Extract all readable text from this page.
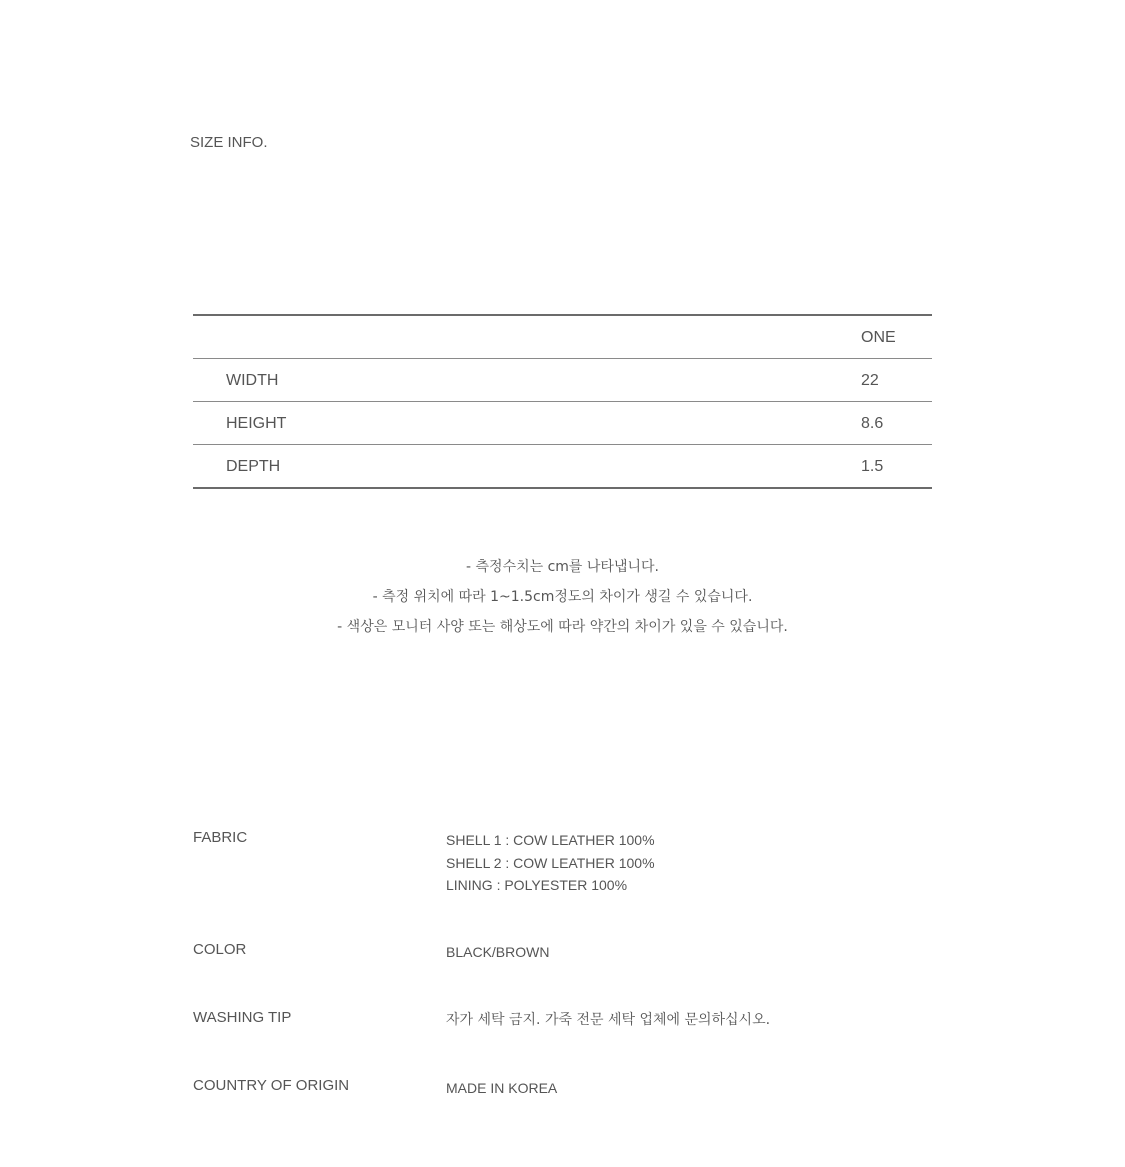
SIZE INFO.
ONE
WIDTH	22
HEIGHT	8.6
DEPTH	1.5
- 측정수치는 cm를 나타냅니다.
- 측정 위치에 따라 1~1.5cm정도의 차이가 생길 수 있습니다.
- 색상은 모니터 사양 또는 해상도에 따라 약간의 차이가 있을 수 있습니다.
FABRIC	SHELL 1 : COW LEATHER 100%
SHELL 2 : COW LEATHER 100%
LINING : POLYESTER 100%
COLOR	BLACK/BROWN
WASHING TIP	자가 세탁 금지. 가죽 전문 세탁 업체에 문의하십시오.
COUNTRY OF ORIGIN	MADE IN KOREA
